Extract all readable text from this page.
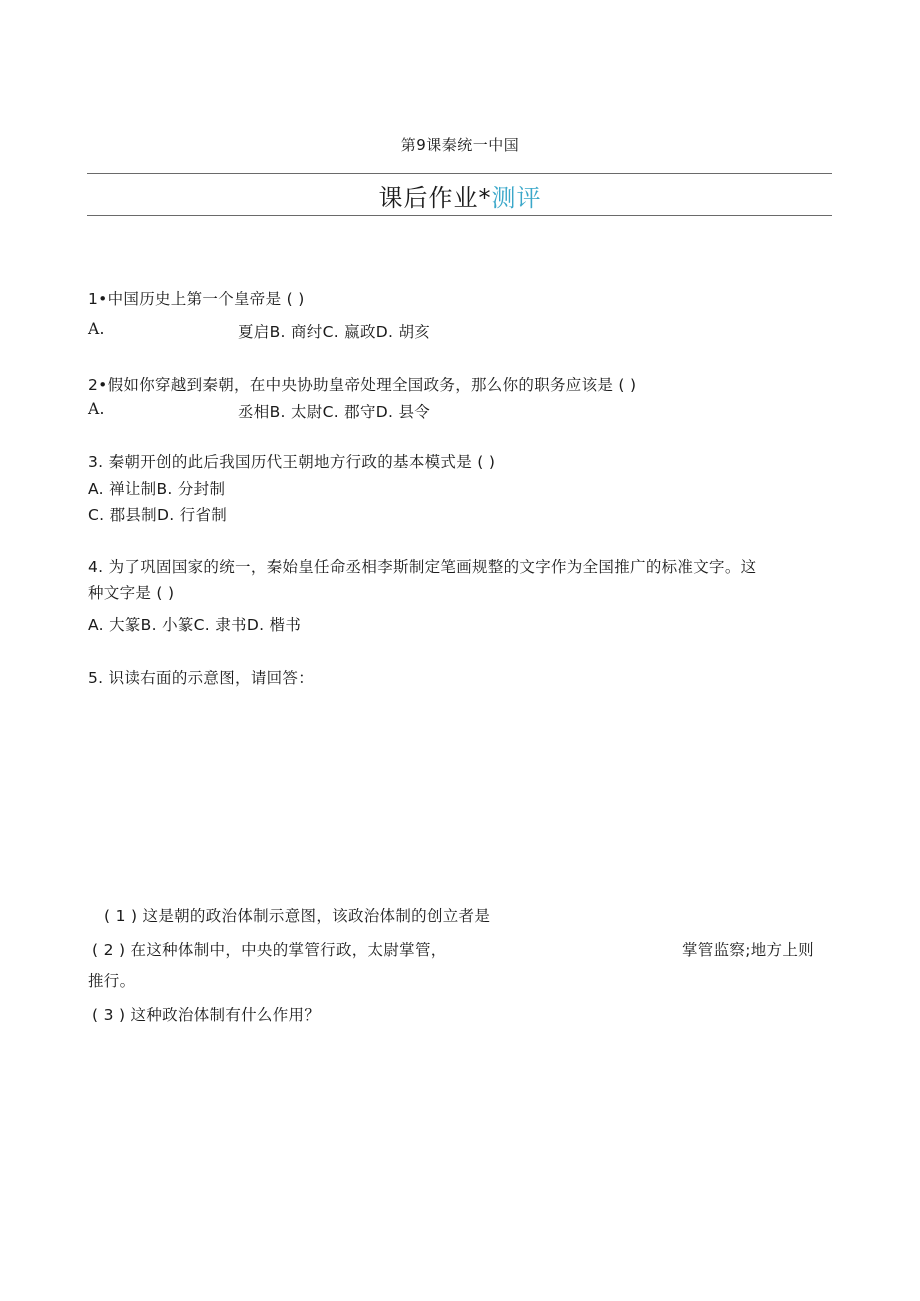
第9课秦统一中国
课后作业*测评
1•中国历史上第一个皇帝是 ( )
A.	夏启B. 商纣C. 嬴政D. 胡亥
2•假如你穿越到秦朝，在中央协助皇帝处理全国政务，那么你的职务应该是 ( )
A.	丞相B. 太尉C. 郡守D. 县令
3. 秦朝开创的此后我国历代王朝地方行政的基本模式是 ( )
A. 禅让制B. 分封制
C. 郡县制D. 行省制
4. 为了巩固国家的统一，秦始皇任命丞相李斯制定笔画规整的文字作为全国推广的标准文字。这
种文字是 ( )
A. 大篆B. 小篆C. 隶书D. 楷书
5. 识读右面的示意图，请回答：
( 1 ) 这是朝的政治体制示意图，该政治体制的创立者是
( 2 ) 在这种体制中，中央的掌管行政，太尉掌管，	掌管监察;地方上则
推行。
( 3 ) 这种政治体制有什么作用？
